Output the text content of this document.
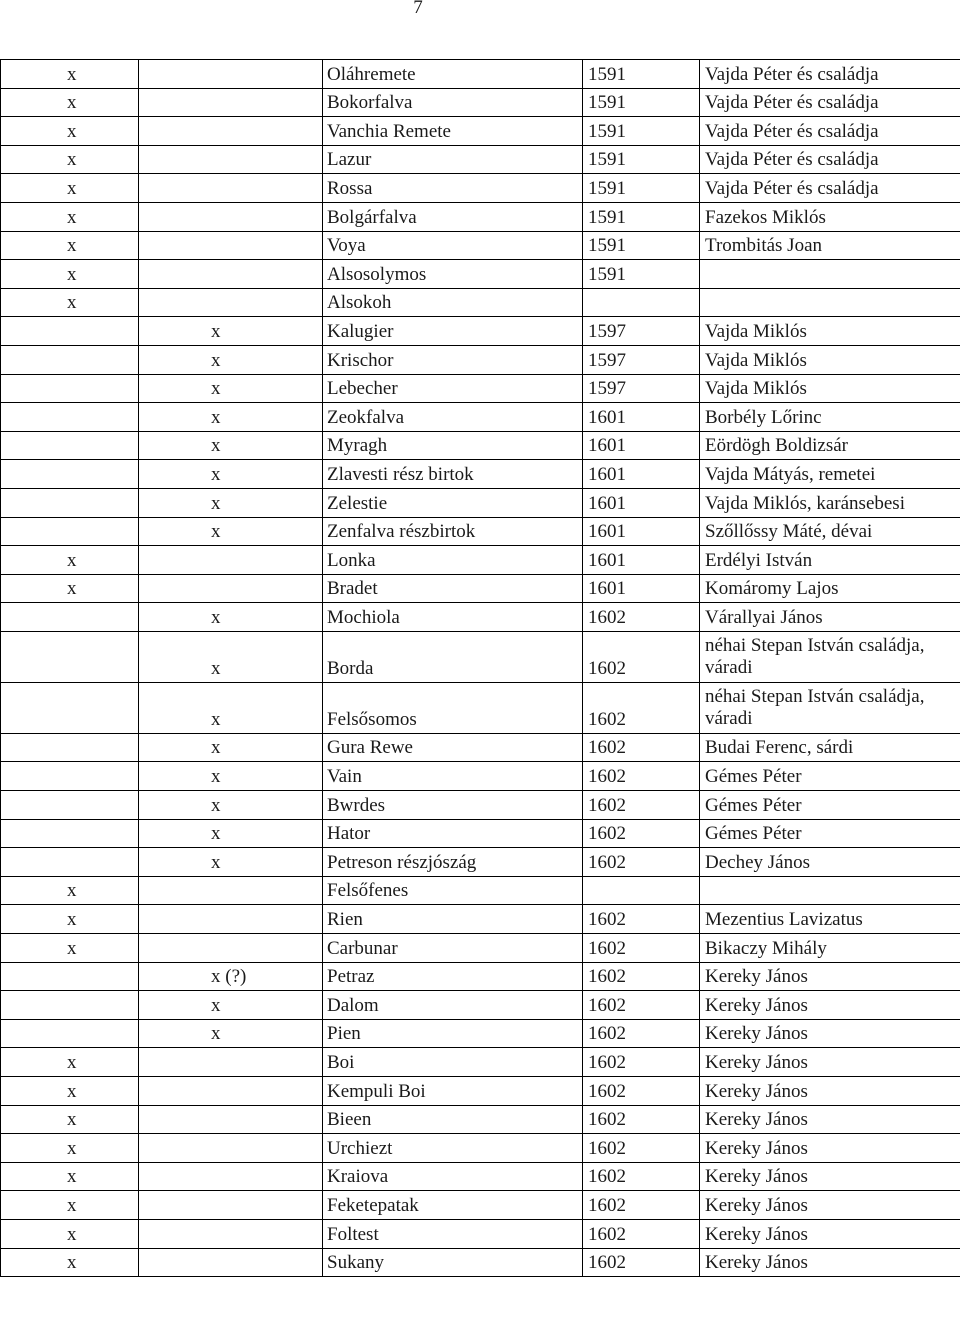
7
x		Oláhremete	1591	Vajda Péter és családja
x		Bokorfalva	1591	Vajda Péter és családja
x		Vanchia Remete	1591	Vajda Péter és családja
x		Lazur	1591	Vajda Péter és családja
x		Rossa	1591	Vajda Péter és családja
x		Bolgárfalva	1591	Fazekos Miklós
x		Voya	1591	Trombitás Joan
x		Alsosolymos	1591	
x		Alsokoh		
	x	Kalugier	1597	Vajda Miklós
	x	Krischor	1597	Vajda Miklós
	x	Lebecher	1597	Vajda Miklós
	x	Zeokfalva	1601	Borbély Lőrinc
	x	Myragh	1601	Eördögh Boldizsár
	x	Zlavesti rész birtok	1601	Vajda Mátyás, remetei
	x	Zelestie	1601	Vajda Miklós, karánsebesi
	x	Zenfalva részbirtok	1601	Szőllőssy Máté, dévai
x		Lonka	1601	Erdélyi István
x		Bradet	1601	Komáromy Lajos
	x	Mochiola	1602	Várallyai János
	x	Borda	1602	néhai Stepan István családja, váradi
	x	Felsősomos	1602	néhai Stepan István családja, váradi
	x	Gura Rewe	1602	Budai Ferenc, sárdi
	x	Vain	1602	Gémes Péter
	x	Bwrdes	1602	Gémes Péter
	x	Hator	1602	Gémes Péter
	x	Petreson részjószág	1602	Dechey János
x		Felsőfenes		
x		Rien	1602	Mezentius Lavizatus
x		Carbunar	1602	Bikaczy Mihály
	x (?)	Petraz	1602	Kereky János
	x	Dalom	1602	Kereky János
	x	Pien	1602	Kereky János
x		Boi	1602	Kereky János
x		Kempuli Boi	1602	Kereky János
x		Bieen	1602	Kereky János
x		Urchiezt	1602	Kereky János
x		Kraiova	1602	Kereky János
x		Feketepatak	1602	Kereky János
x		Foltest	1602	Kereky János
x		Sukany	1602	Kereky János
